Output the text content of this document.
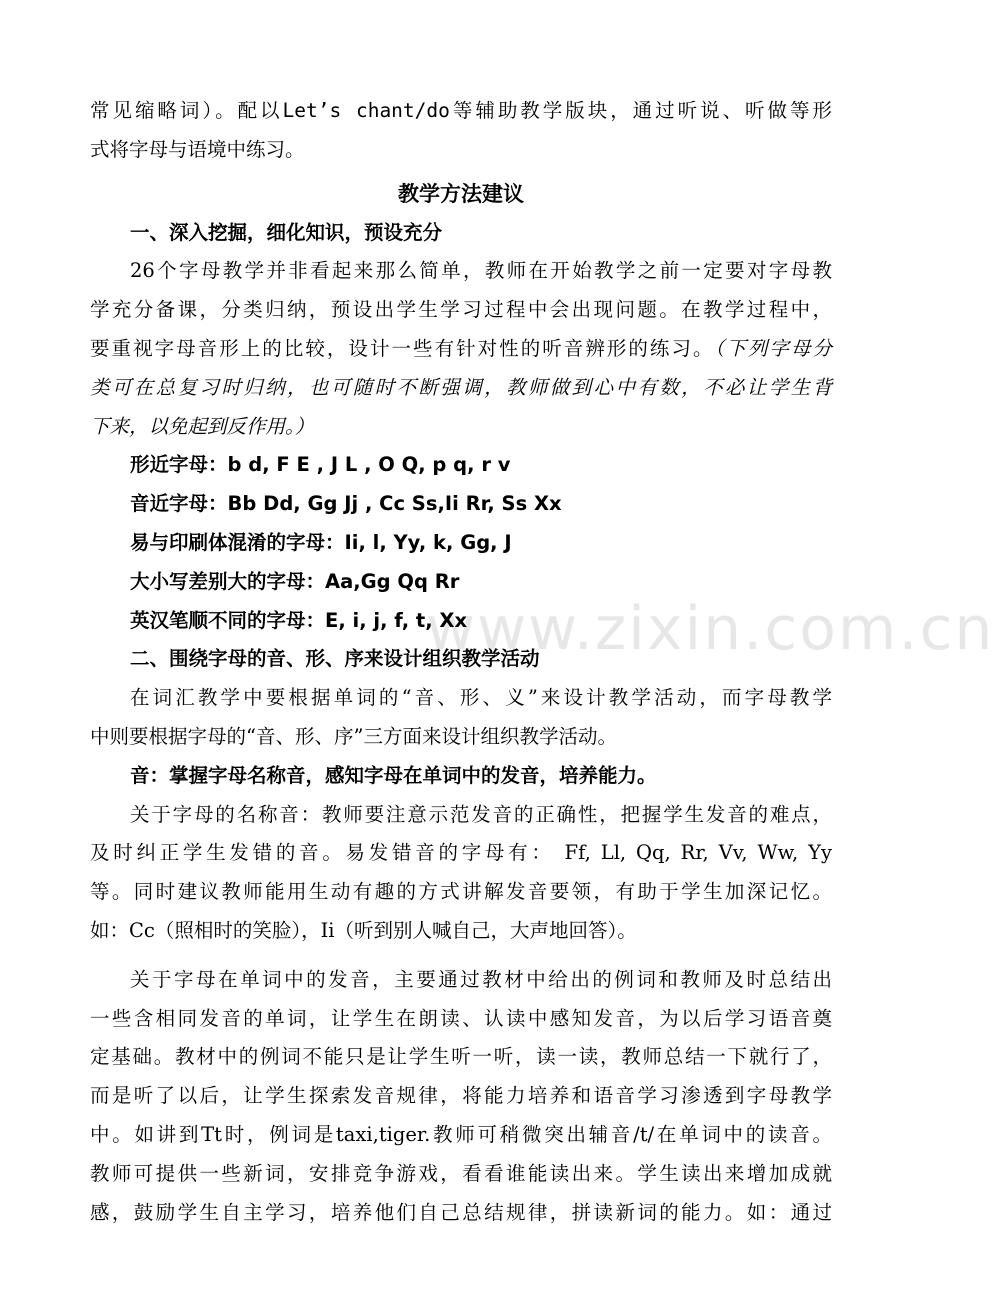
常见缩略词）。配以Let’s chant/do等辅助教学版块，通过听说、听做等形
式将字母与语境中练习。
教学方法建议
一、深入挖掘，细化知识，预设充分
26个字母教学并非看起来那么简单，教师在开始教学之前一定要对字母教
学充分备课，分类归纳，预设出学生学习过程中会出现问题。在教学过程中，
要重视字母音形上的比较，设计一些有针对性的听音辨形的练习。（下列字母分
类可在总复习时归纳，也可随时不断强调，教师做到心中有数，不必让学生背
下来，以免起到反作用。）
形近字母：b d, F E , J L , O Q, p q, r v
音近字母：Bb Dd, Gg Jj , Cc Ss,Ii Rr, Ss Xx
易与印刷体混淆的字母：Ii, l, Yy, k, Gg, J
大小写差别大的字母：Aa,Gg Qq Rr
英汉笔顺不同的字母：E, i, j, f, t, Xx
二、围绕字母的音、形、序来设计组织教学活动
在词汇教学中要根据单词的“音、形、义”来设计教学活动，而字母教学
中则要根据字母的“音、形、序”三方面来设计组织教学活动。
音：掌握字母名称音，感知字母在单词中的发音，培养能力。
关于字母的名称音：教师要注意示范发音的正确性，把握学生发音的难点，
及时纠正学生发错的音。易发错音的字母有： Ff, Ll, Qq, Rr, Vv, Ww, Yy
等。同时建议教师能用生动有趣的方式讲解发音要领，有助于学生加深记忆。
如：Cc（照相时的笑脸），Ii（听到别人喊自己，大声地回答）。
关于字母在单词中的发音，主要通过教材中给出的例词和教师及时总结出
一些含相同发音的单词，让学生在朗读、认读中感知发音，为以后学习语音奠
定基础。教材中的例词不能只是让学生听一听，读一读，教师总结一下就行了，
而是听了以后，让学生探索发音规律，将能力培养和语音学习渗透到字母教学
中。如讲到Tt时，例词是taxi,tiger.教师可稍微突出辅音/t/在单词中的读音。
教师可提供一些新词，安排竞争游戏，看看谁能读出来。学生读出来增加成就
感，鼓励学生自主学习，培养他们自己总结规律，拼读新词的能力。如：通过
www.zixin.com.cn
